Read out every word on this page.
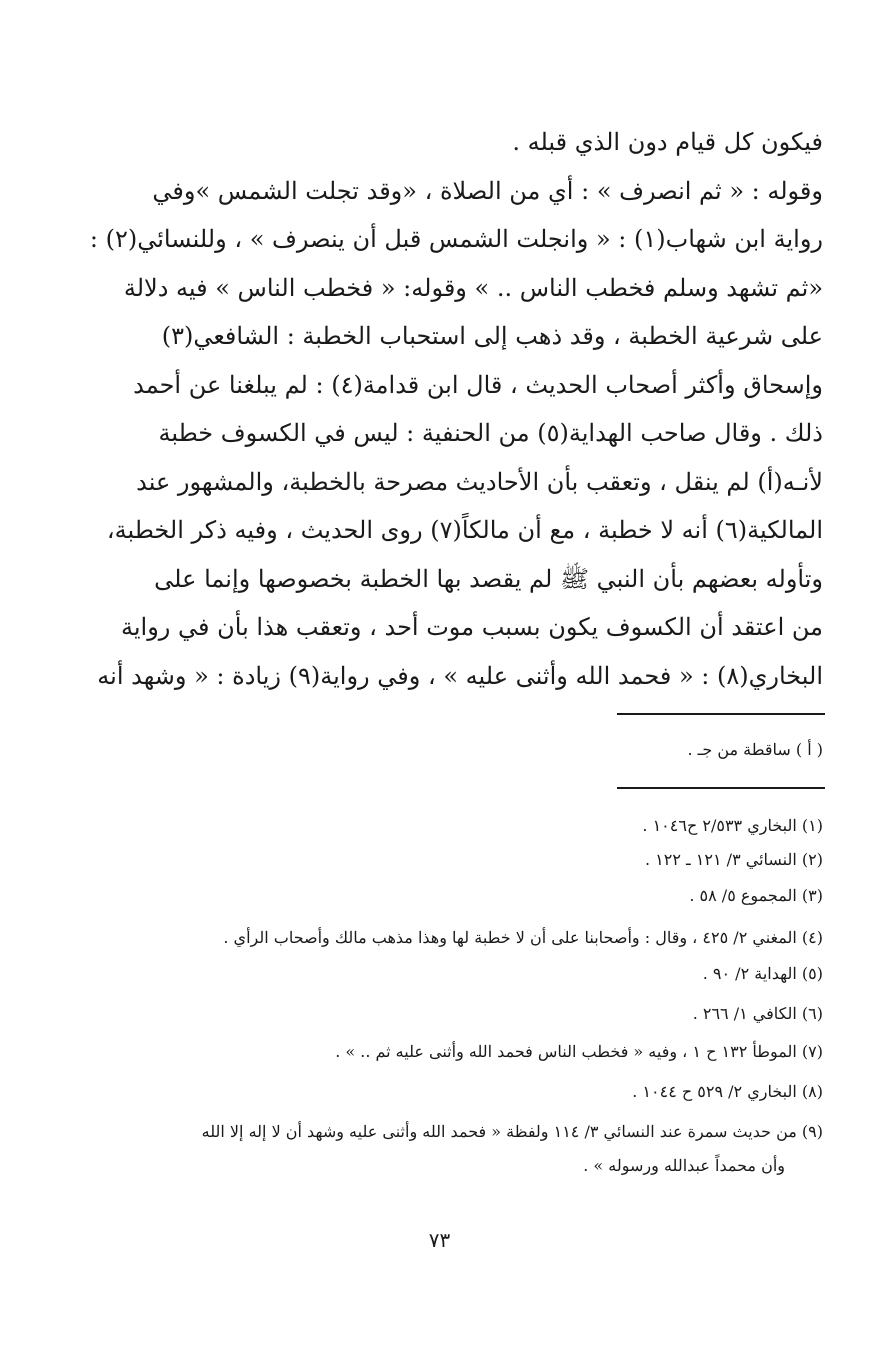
فيكون كل قيام دون الذي قبله .
وقوله : « ثم انصرف » : أي من الصلاة ، «وقد تجلت الشمس »وفي
رواية ابن شهاب(١) : « وانجلت الشمس قبل أن ينصرف » ، وللنسائي(٢) :
«ثم تشهد وسلم فخطب الناس .. » وقوله: « فخطب الناس » فيه دلالة
على شرعية الخطبة ، وقد ذهب إلى استحباب الخطبة : الشافعي(٣)
وإسحاق وأكثر أصحاب الحديث ، قال ابن قدامة(٤) : لم يبلغنا عن أحمد
ذلك . وقال صاحب الهداية(٥) من الحنفية : ليس في الكسوف خطبة
لأنـه(أ) لم ينقل ، وتعقب بأن الأحاديث مصرحة بالخطبة، والمشهور عند
المالكية(٦) أنه لا خطبة ، مع أن مالكاً(٧) روى الحديث ، وفيه ذكر الخطبة،
وتأوله بعضهم بأن النبي ﷺ لم يقصد بها الخطبة بخصوصها وإنما على
من اعتقد أن الكسوف يكون بسبب موت أحد ، وتعقب هذا بأن في رواية
البخاري(٨) : « فحمد الله وأثنى عليه » ، وفي رواية(٩) زيادة : « وشهد أنه
( أ ) ساقطة من جـ .
(١) البخاري ٢/٥٣٣ ح١٠٤٦ .
(٢) النسائي ٣/ ١٢١ ـ ١٢٢ .
(٣) المجموع ٥/ ٥٨ .
(٤) المغني ٢/ ٤٢٥ ، وقال : وأصحابنا على أن لا خطبة لها وهذا مذهب مالك وأصحاب الرأي .
(٥) الهداية ٢/ ٩٠ .
(٦) الكافي ١/ ٢٦٦ .
(٧) الموطأ ١٣٢ ح ١ ، وفيه « فخطب الناس فحمد الله وأثنى عليه ثم .. » .
(٨) البخاري ٢/ ٥٢٩ ح ١٠٤٤ .
(٩) من حديث سمرة عند النسائي ٣/ ١١٤ ولفظة « فحمد الله وأثنى عليه وشهد أن لا إله إلا الله
وأن محمداً عبدالله ورسوله » .
٧٣
